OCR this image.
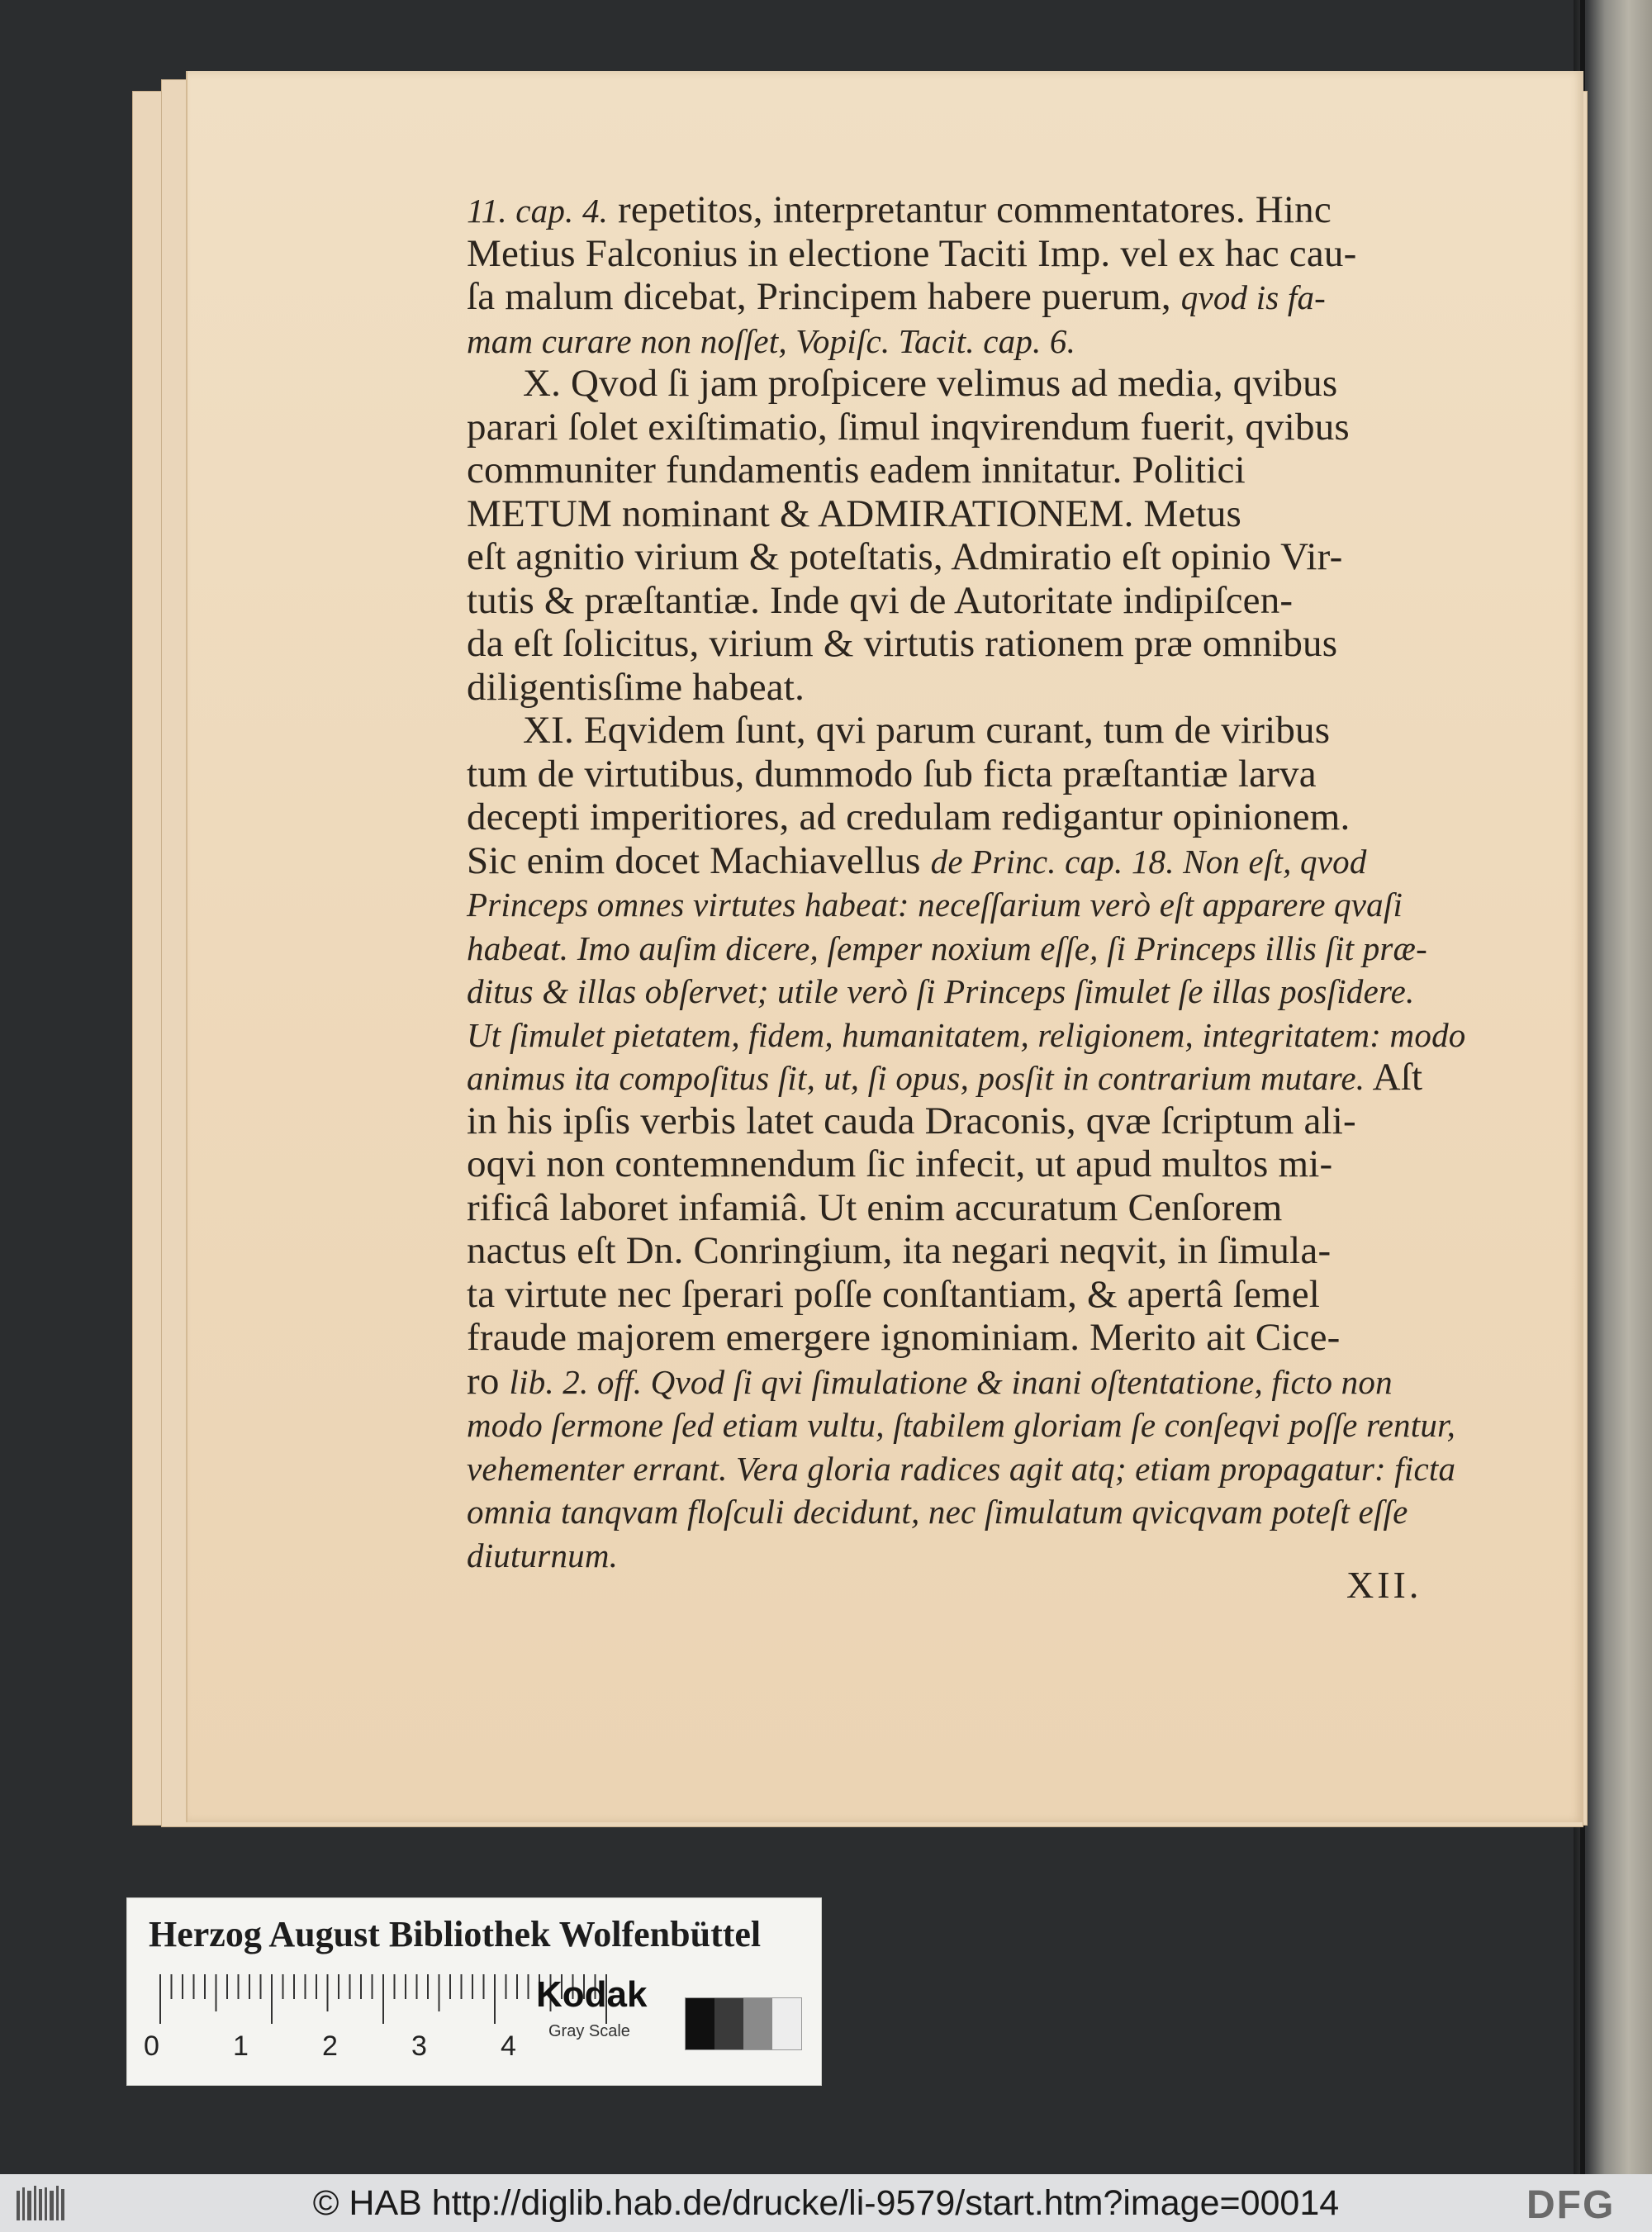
11. cap. 4. repetitos, interpretantur commentatores. Hinc
Metius Falconius in electione Taciti Imp. vel ex hac cau-
ſa malum dicebat, Principem habere puerum, qvod is fa-
mam curare non noſſet, Vopiſc. Tacit. cap. 6.
X. Qvod ſi jam proſpicere velimus ad media, qvibus
parari ſolet exiſtimatio, ſimul inqvirendum fuerit, qvibus
communiter fundamentis eadem innitatur. Politici
METUM nominant & ADMIRATIONEM. Metus
eſt agnitio virium & poteſtatis, Admiratio eſt opinio Vir-
tutis & præſtantiæ. Inde qvi de Autoritate indipiſcen-
da eſt ſolicitus, virium & virtutis rationem præ omnibus
diligentisſime habeat.
XI. Eqvidem ſunt, qvi parum curant, tum de viribus
tum de virtutibus, dummodo ſub ficta præſtantiæ larva
decepti imperitiores, ad credulam redigantur opinionem.
Sic enim docet Machiavellus de Princ. cap. 18. Non eſt, qvod
Princeps omnes virtutes habeat: neceſſarium verò eſt apparere qvaſi
habeat. Imo auſim dicere, ſemper noxium eſſe, ſi Princeps illis ſit præ-
ditus & illas obſervet; utile verò ſi Princeps ſimulet ſe illas posſidere.
Ut ſimulet pietatem, fidem, humanitatem, religionem, integritatem: modo
animus ita compoſitus ſit, ut, ſi opus, posſit in contrarium mutare. Aſt
in his ipſis verbis latet cauda Draconis, qvæ ſcriptum ali-
oqvi non contemnendum ſic infecit, ut apud multos mi-
rificâ laboret infamiâ. Ut enim accuratum Cenſorem
nactus eſt Dn. Conringium, ita negari neqvit, in ſimula-
ta virtute nec ſperari poſſe conſtantiam, & apertâ ſemel
fraude majorem emergere ignominiam. Merito ait Cice-
ro lib. 2. off. Qvod ſi qvi ſimulatione & inani oſtentatione, ficto non
modo ſermone ſed etiam vultu, ſtabilem gloriam ſe conſeqvi poſſe rentur,
vehementer errant. Vera gloria radices agit atq; etiam propagatur: ficta
omnia tanqvam floſculi decidunt, nec ſimulatum qvicqvam poteſt eſſe
diuturnum.
XII.
Herzog August Bibliothek Wolfenbüttel
0	1	2	3	4
Kodak
Gray Scale
© HAB http://diglib.hab.de/drucke/li-9579/start.htm?image=00014	DFG
